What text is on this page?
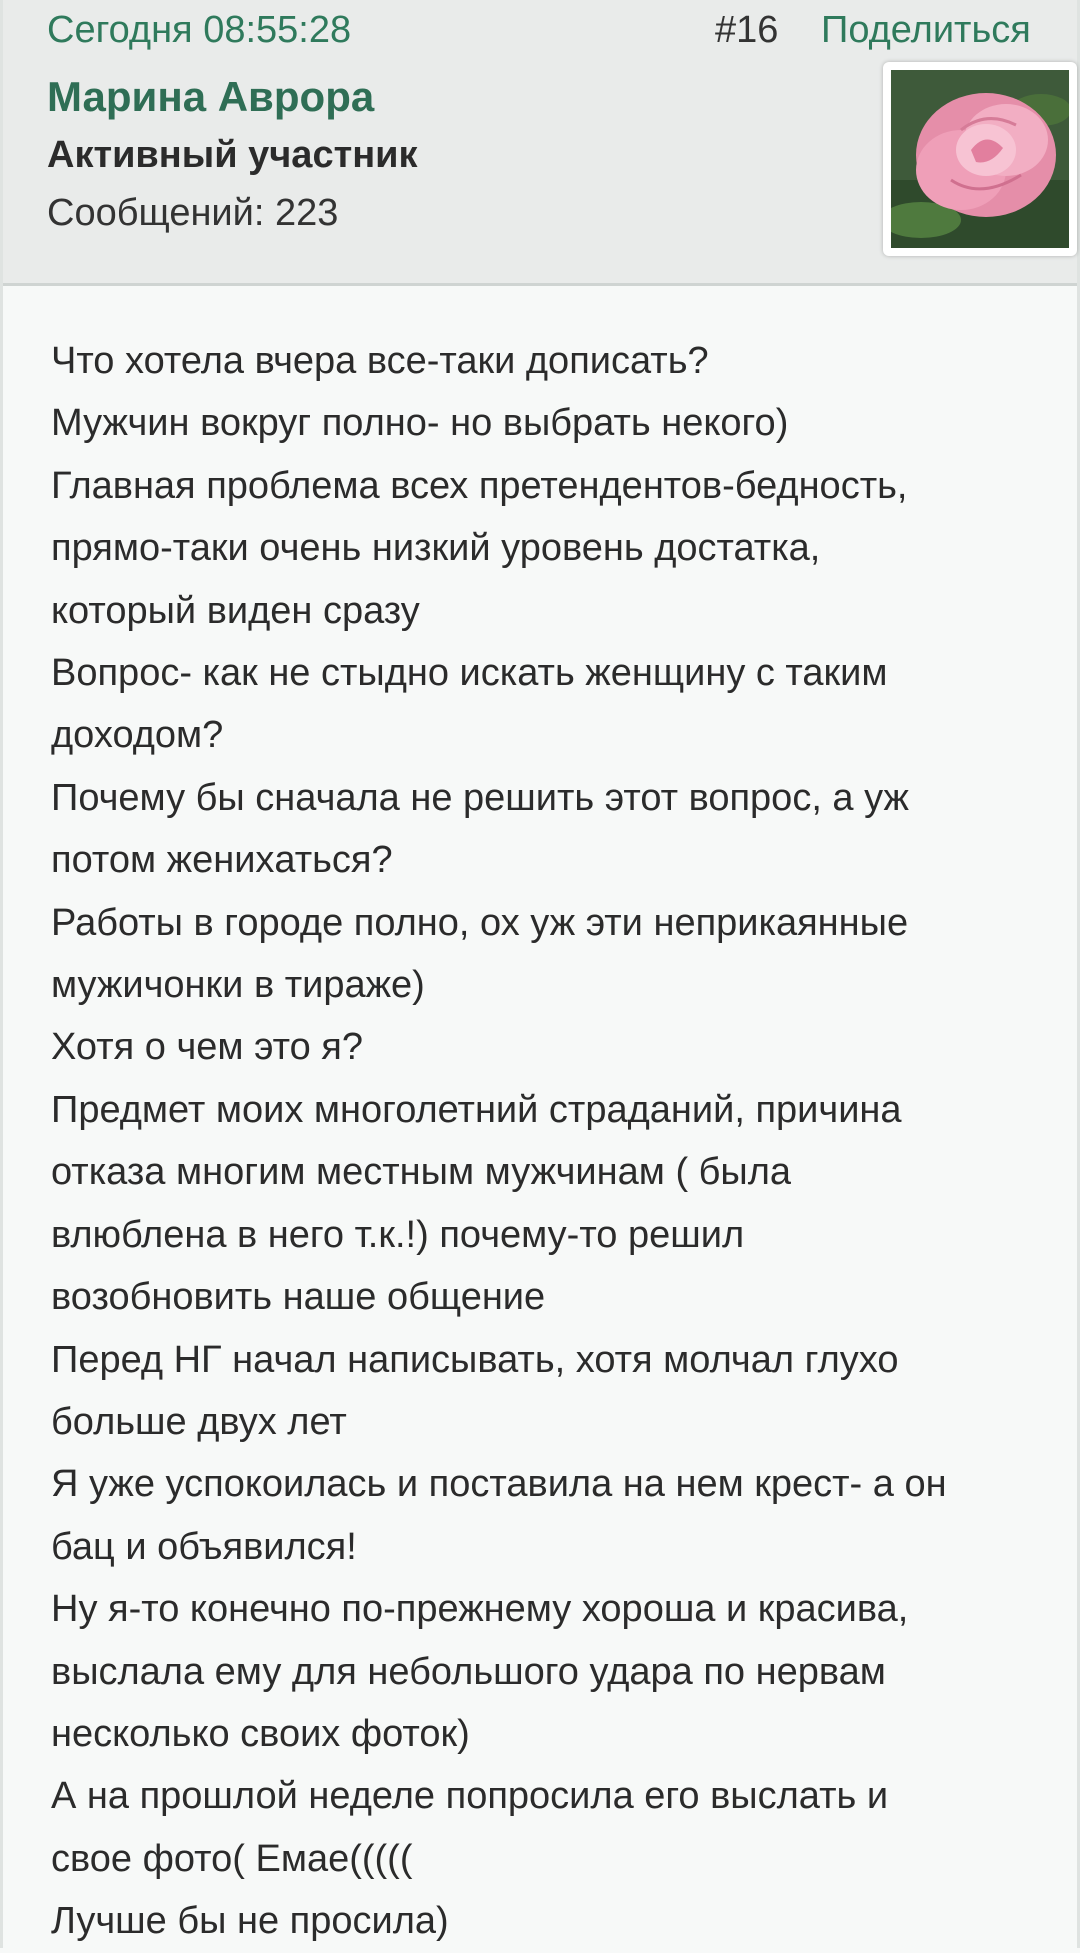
Сегодня 08:55:28	#16 Поделиться
Марина Аврора
Активный участник
Сообщений: 223
Что хотела вчера все-таки дописать?
Мужчин вокруг полно- но выбрать некого)
Главная проблема всех претендентов-бедность,
прямо-таки очень низкий уровень достатка,
который виден сразу
Вопрос- как не стыдно искать женщину с таким
доходом?
Почему бы сначала не решить этот вопрос, а уж
потом жениxаться?
Работы в городе полно, ох уж эти неприкаянные
мужичонки в тираже)
Хотя о чем это я?
Предмет моих многолетний страданий, причина
отказа многим местным мужчинам ( была
влюблена в него т.к.!) почему-то решил
возобновить наше общение
Перед НГ начал написывать, хотя молчал глухо
больше двух лет
Я уже успокоилась и поставила на нем крест- а он
бац и объявился!
Ну я-то конечно по-прежнему хороша и красива,
выслала ему для небольшого удара по нервам
несколько своих фоток)
А на прошлой неделе попросила его выслать и
свое фото( Емае(((((
Лучше бы не просила)
